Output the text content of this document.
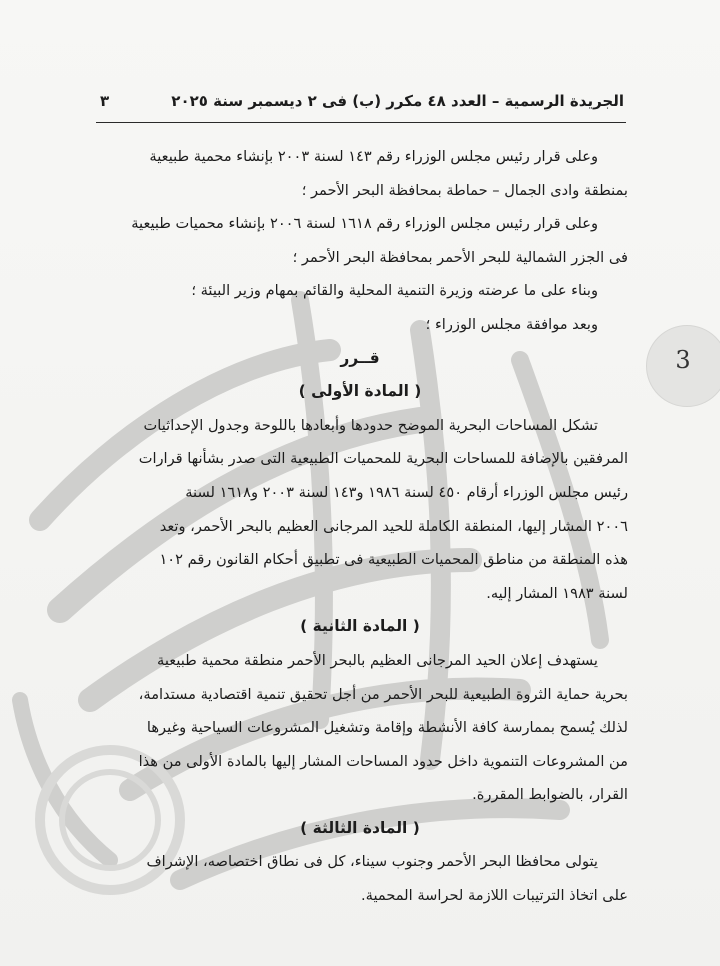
الجريدة الرسمية – العدد ٤٨ مكرر (ب) فى ٢ ديسمبر سنة ٢٠٢٥
٣
3

وعلى قرار رئيس مجلس الوزراء رقم ١٤٣ لسنة ٢٠٠٣ بإنشاء محمية طبيعية

بمنطقة وادى الجمال – حماطة بمحافظة البحر الأحمر ؛

وعلى قرار رئيس مجلس الوزراء رقم ١٦١٨ لسنة ٢٠٠٦ بإنشاء محميات طبيعية

فى الجزر الشمالية للبحر الأحمر بمحافظة البحر الأحمر ؛

وبناء على ما عرضته وزيرة التنمية المحلية والقائم بمهام وزير البيئة ؛

وبعد موافقة مجلس الوزراء ؛

قــرر

( المادة الأولى )

تشكل المساحات البحرية الموضح حدودها وأبعادها باللوحة وجدول الإحداثيات

المرفقين بالإضافة للمساحات البحرية للمحميات الطبيعية التى صدر بشأنها قرارات

رئيس مجلس الوزراء أرقام ٤٥٠ لسنة ١٩٨٦ و١٤٣ لسنة ٢٠٠٣ و١٦١٨ لسنة

٢٠٠٦ المشار إليها، المنطقة الكاملة للحيد المرجانى العظيم بالبحر الأحمر، وتعد

هذه المنطقة من مناطق المحميات الطبيعية فى تطبيق أحكام القانون رقم ١٠٢

لسنة ١٩٨٣ المشار إليه.

( المادة الثانية )

يستهدف إعلان الحيد المرجانى العظيم بالبحر الأحمر منطقة محمية طبيعية

بحرية حماية الثروة الطبيعية للبحر الأحمر من أجل تحقيق تنمية اقتصادية مستدامة،

لذلك يُسمح بممارسة كافة الأنشطة وإقامة وتشغيل المشروعات السياحية وغيرها

من المشروعات التنموية داخل حدود المساحات المشار إليها بالمادة الأولى من هذا

القرار، بالضوابط المقررة.

( المادة الثالثة )

يتولى محافظا البحر الأحمر وجنوب سيناء، كل فى نطاق اختصاصه، الإشراف

على اتخاذ الترتيبات اللازمة لحراسة المحمية.
